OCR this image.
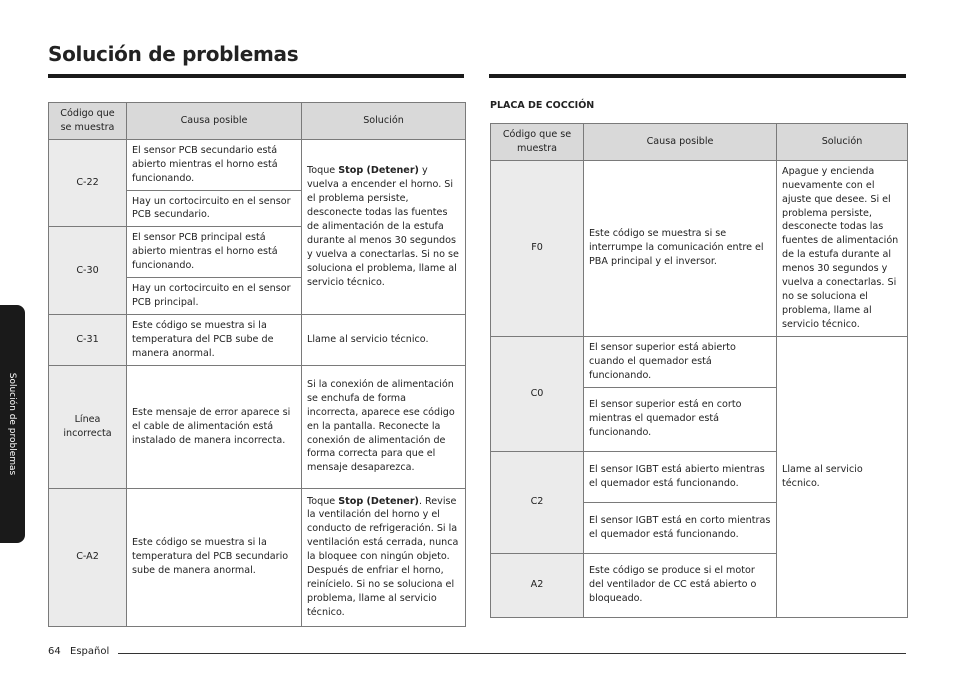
Solución de problemas
Solución de problemas
Código que se muestra	Causa posible	Solución
C-22	El sensor PCB secundario está abierto mientras el horno está funcionando.	Toque Stop (Detener) y vuelva a encender el horno. Si el problema persiste, desconecte todas las fuentes de alimentación de la estufa durante al menos 30 segundos y vuelva a conectarlas. Si no se soluciona el problema, llame al servicio técnico.
	Hay un cortocircuito en el sensor PCB secundario.	
C-30	El sensor PCB principal está abierto mientras el horno está funcionando.	
	Hay un cortocircuito en el sensor PCB principal.	
C-31	Este código se muestra si la temperatura del PCB sube de manera anormal.	Llame al servicio técnico.
Línea incorrecta	Este mensaje de error aparece si el cable de alimentación está instalado de manera incorrecta.	Si la conexión de alimentación se enchufa de forma incorrecta, aparece ese código en la pantalla. Reconecte la conexión de alimentación de forma correcta para que el mensaje desaparezca.
C-A2	Este código se muestra si la temperatura del PCB secundario sube de manera anormal.	Toque Stop (Detener). Revise la ventilación del horno y el conducto de refrigeración. Si la ventilación está cerrada, nunca la bloquee con ningún objeto. Después de enfriar el horno, reinícielo. Si no se soluciona el problema, llame al servicio técnico.
PLACA DE COCCIÓN
Código que se muestra	Causa posible	Solución
F0	Este código se muestra si se interrumpe la comunicación entre el PBA principal y el inversor.	Apague y encienda nuevamente con el ajuste que desee. Si el problema persiste, desconecte todas las fuentes de alimentación de la estufa durante al menos 30 segundos y vuelva a conectarlas. Si no se soluciona el problema, llame al servicio técnico.
C0	El sensor superior está abierto cuando el quemador está funcionando.	Llame al servicio técnico.
	El sensor superior está en corto mientras el quemador está funcionando.	
C2	El sensor IGBT está abierto mientras el quemador está funcionando.	
	El sensor IGBT está en corto mientras el quemador está funcionando.	
A2	Este código se produce si el motor del ventilador de CC está abierto o bloqueado.	
64 Español
